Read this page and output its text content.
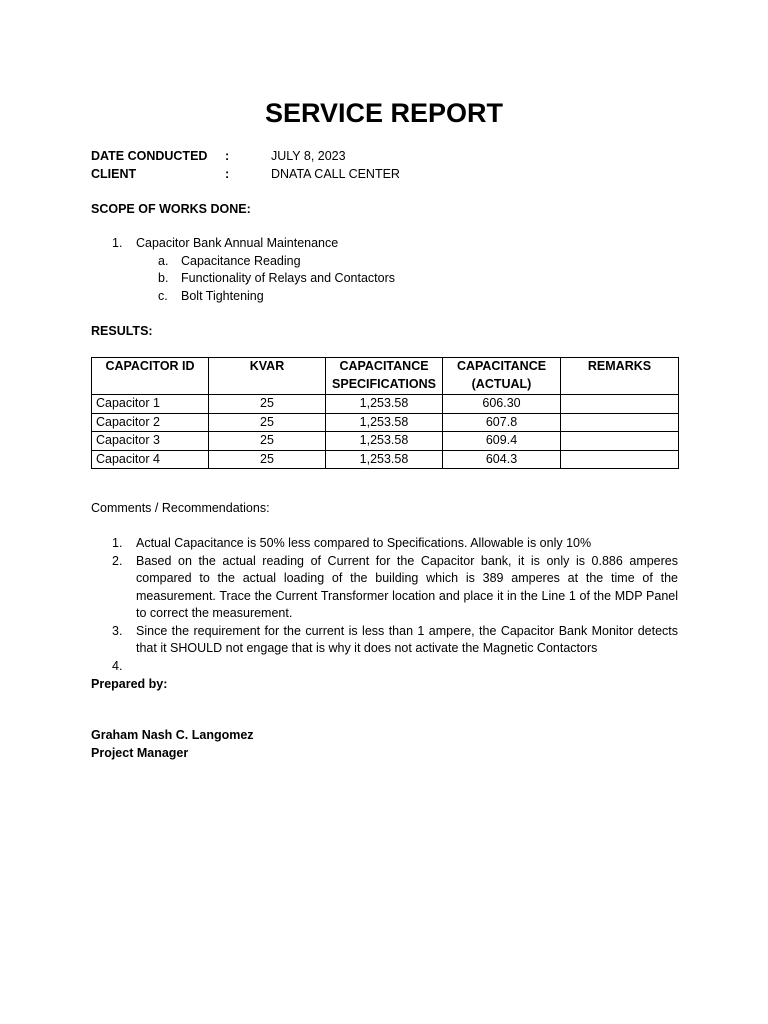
SERVICE REPORT
DATE CONDUCTED :	JULY 8, 2023
CLIENT	:	DNATA CALL CENTER
SCOPE OF WORKS DONE:
1. Capacitor Bank Annual Maintenance
a. Capacitance Reading
b. Functionality of Relays and Contactors
c. Bolt Tightening
RESULTS:
CAPACITOR ID	KVAR	CAPACITANCE SPECIFICATIONS	CAPACITANCE (ACTUAL)	REMARKS
Capacitor 1	25	1,253.58	606.30	
Capacitor 2	25	1,253.58	607.8	
Capacitor 3	25	1,253.58	609.4	
Capacitor 4	25	1,253.58	604.3	
Comments / Recommendations:
1. Actual Capacitance is 50% less compared to Specifications. Allowable is only 10%
2. Based on the actual reading of Current for the Capacitor bank, it is only is 0.886 amperes compared to the actual loading of the building which is 389 amperes at the time of the measurement. Trace the Current Transformer location and place it in the Line 1 of the MDP Panel to correct the measurement.
3. Since the requirement for the current is less than 1 ampere, the Capacitor Bank Monitor detects that it SHOULD not engage that is why it does not activate the Magnetic Contactors
4.
Prepared by:
Graham Nash C. Langomez
Project Manager
